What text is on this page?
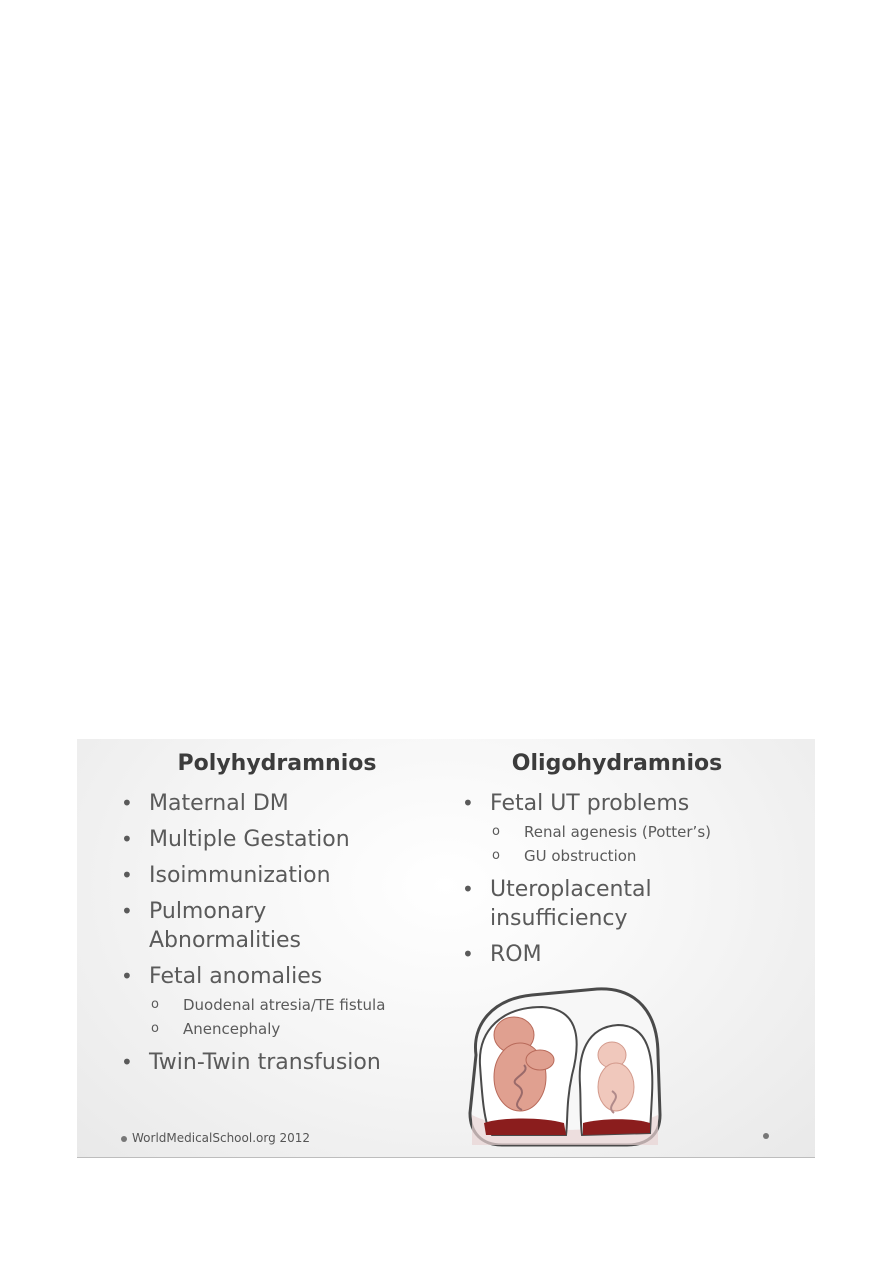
Polyhydramnios	Oligohydramnios
• Maternal DM
• Multiple Gestation
• Isoimmunization
• Pulmonary Abnormalities
• Fetal anomalies
o Duodenal atresia/TE fistula
o Anencephaly
• Twin-Twin transfusion
• Fetal UT problems
o Renal agenesis (Potter’s)
o GU obstruction
• Uteroplacental insufficiency
• ROM
WorldMedicalSchool.org 2012
